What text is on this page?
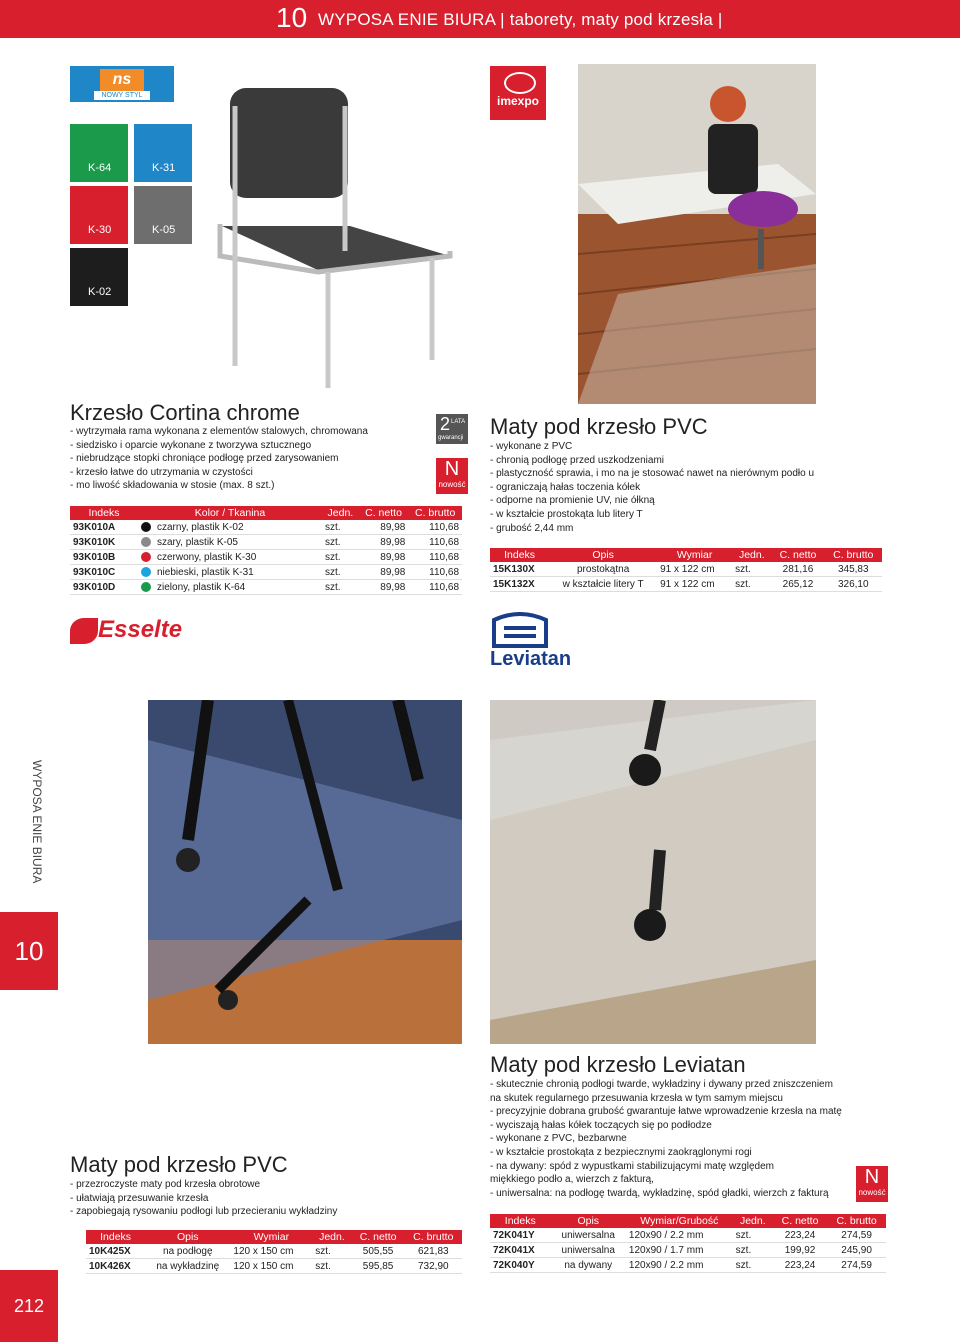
10 WYPOSA ENIE BIURA | taborety, maty pod krzesła |
WYPOSA ENIE BIURA
10
212
ns
NOWY STYL
K-64	K-31
K-30	K-05
K-02
2 LATA
gwarancji
N
nowość
Krzesło Cortina chrome
- wytrzymała rama wykonana z elementów stalowych, chromowana
- siedzisko i oparcie wykonane z tworzywa sztucznego
- niebrudzące stopki chroniące podłogę przed zarysowaniem
- krzesło łatwe do utrzymania w czystości
- mo liwość składowania w stosie (max. 8 szt.)
Indeks	Kolor / Tkanina	Jedn.	C. netto	C. brutto
93K010A	czarny, plastik K-02	szt.	89,98	110,68
93K010K	szary, plastik K-05	szt.	89,98	110,68
93K010B	czerwony, plastik K-30	szt.	89,98	110,68
93K010C	niebieski, plastik K-31	szt.	89,98	110,68
93K010D	zielony, plastik K-64	szt.	89,98	110,68
imexpo
Maty pod krzesło PVC
- wykonane z PVC
- chronią podłogę przed uszkodzeniami
- plastyczność sprawia, i mo na je stosować nawet na nierównym podło u
- ograniczają hałas toczenia kółek
- odporne na promienie UV, nie ółkną
- w kształcie prostokąta lub litery T
- grubość 2,44 mm
Indeks	Opis	Wymiar	Jedn.	C. netto	C. brutto
15K130X	prostokątna	91 x 122 cm	szt.	281,16	345,83
15K132X	w kształcie litery T	91 x 122 cm	szt.	265,12	326,10
Esselte
Leviatan
Maty pod krzesło Leviatan
- skutecznie chronią podłogi twarde, wykładziny i dywany przed zniszczeniem
na skutek regularnego przesuwania krzesła w tym samym miejscu
- precyzyjnie dobrana grubość gwarantuje łatwe wprowadzenie krzesła na matę
- wyciszają hałas kółek toczących się po podłodze
- wykonane z PVC, bezbarwne
- w kształcie prostokąta z bezpiecznymi zaokrąglonymi rogi
- na dywany: spód z wypustkami stabilizującymi matę względem
miękkiego podło a, wierzch z fakturą,
- uniwersalna: na podłogę twardą, wykładzinę, spód gładki, wierzch z fakturą
N
nowość
Indeks	Opis	Wymiar/Grubość	Jedn.	C. netto	C. brutto
72K041Y	uniwersalna	120x90 / 2.2 mm	szt.	223,24	274,59
72K041X	uniwersalna	120x90 / 1.7 mm	szt.	199,92	245,90
72K040Y	na dywany	120x90 / 2.2 mm	szt.	223,24	274,59
Maty pod krzesło PVC
- przezroczyste maty pod krzesła obrotowe
- ułatwiają przesuwanie krzesła
- zapobiegają rysowaniu podłogi lub przecieraniu wykładziny
Indeks	Opis	Wymiar	Jedn.	C. netto	C. brutto
10K425X	na podłogę	120 x 150 cm	szt.	505,55	621,83
10K426X	na wykładzinę	120 x 150 cm	szt.	595,85	732,90
